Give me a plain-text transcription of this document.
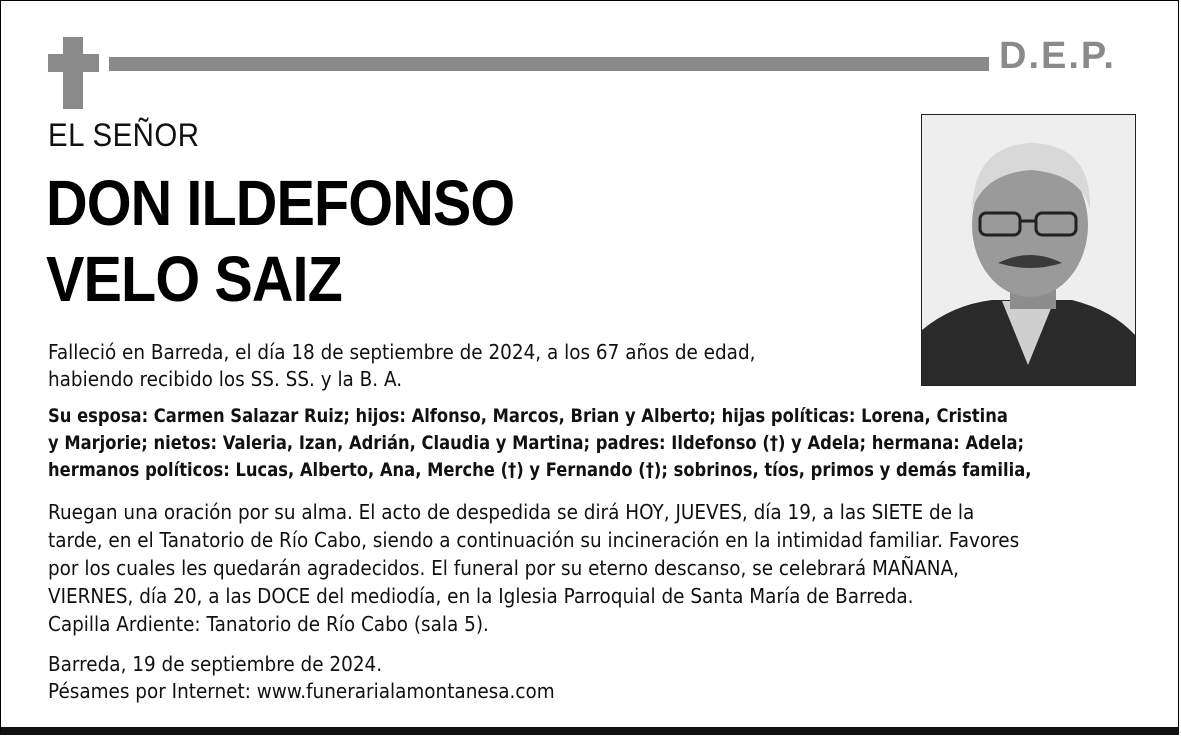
D.E.P.
EL SEÑOR
DON ILDEFONSO
VELO SAIZ
Falleció en Barreda, el día 18 de septiembre de 2024, a los 67 años de edad,
habiendo recibido los SS. SS. y la B. A.
Su esposa: Carmen Salazar Ruiz; hijos: Alfonso, Marcos, Brian y Alberto; hijas políticas: Lorena, Cristina
y Marjorie; nietos: Valeria, Izan, Adrián, Claudia y Martina; padres: Ildefonso (†) y Adela; hermana: Adela;
hermanos políticos: Lucas, Alberto, Ana, Merche (†) y Fernando (†); sobrinos, tíos, primos y demás familia,
Ruegan una oración por su alma. El acto de despedida se dirá HOY, JUEVES, día 19, a las SIETE de la
tarde, en el Tanatorio de Río Cabo, siendo a continuación su incineración en la intimidad familiar. Favores
por los cuales les quedarán agradecidos. El funeral por su eterno descanso, se celebrará MAÑANA,
VIERNES, día 20, a las DOCE del mediodía, en la Iglesia Parroquial de Santa María de Barreda.
Capilla Ardiente: Tanatorio de Río Cabo (sala 5).
Barreda, 19 de septiembre de 2024.
Pésames por Internet: www.funerarialamontanesa.com
